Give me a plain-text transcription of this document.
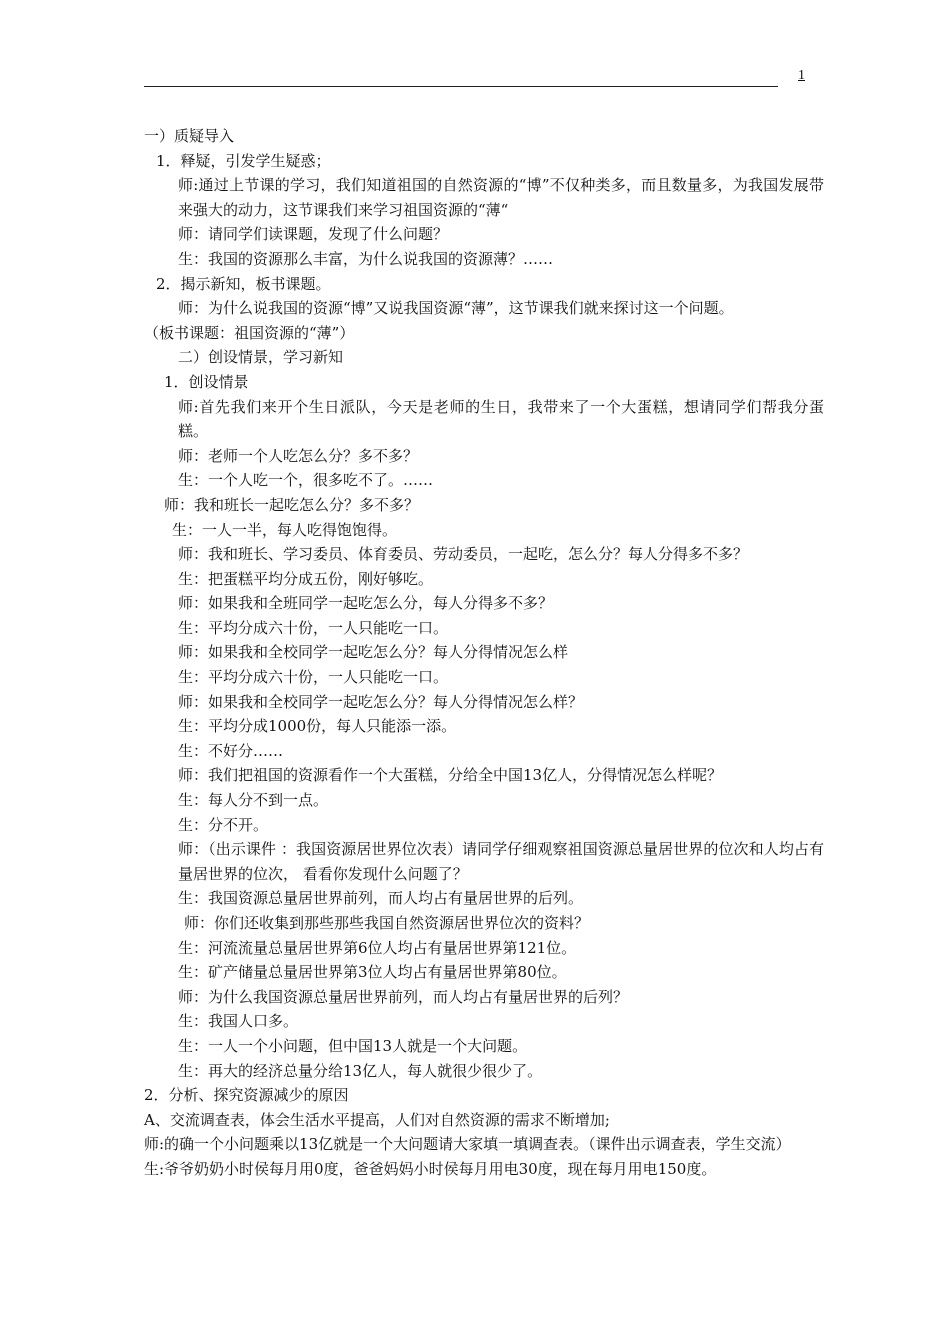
1
一）质疑导入
1．释疑，引发学生疑惑；
师:通过上节课的学习，我们知道祖国的自然资源的“博”不仅种类多，而且数量多，为我国发展带来强大的动力，这节课我们来学习祖国资源的“薄“
师：请同学们读课题，发现了什么问题？
生：我国的资源那么丰富，为什么说我国的资源薄？……
2．揭示新知，板书课题。
师：为什么说我国的资源“博”又说我国资源“薄”，这节课我们就来探讨这一个问题。
（板书课题：祖国资源的“薄”）
二）创设情景，学习新知
1．创设情景
师:首先我们来开个生日派队，今天是老师的生日，我带来了一个大蛋糕，想请同学们帮我分蛋糕。
师：老师一个人吃怎么分？多不多？
生：一个人吃一个，很多吃不了。……
师：我和班长一起吃怎么分？多不多？
生：一人一半，每人吃得饱饱得。
师：我和班长、学习委员、体育委员、劳动委员，一起吃，怎么分？每人分得多不多？
生：把蛋糕平均分成五份，刚好够吃。
师：如果我和全班同学一起吃怎么分，每人分得多不多？
生：平均分成六十份，一人只能吃一口。
师：如果我和全校同学一起吃怎么分？每人分得情况怎么样
生：平均分成六十份，一人只能吃一口。
师：如果我和全校同学一起吃怎么分？每人分得情况怎么样？
生：平均分成1000份，每人只能添一添。
生：不好分……
师：我们把祖国的资源看作一个大蛋糕，分给全中国13亿人，分得情况怎么样呢？
生：每人分不到一点。
生：分不开。
师：（出示课件 ：我国资源居世界位次表）请同学仔细观察祖国资源总量居世界的位次和人均占有量居世界的位次， 看看你发现什么问题了？
生：我国资源总量居世界前列，而人均占有量居世界的后列。
师：你们还收集到那些那些我国自然资源居世界位次的资料？
生：河流流量总量居世界第6位人均占有量居世界第121位。
生：矿产储量总量居世界第3位人均占有量居世界第80位。
师：为什么我国资源总量居世界前列，而人均占有量居世界的后列？
生：我国人口多。
生：一人一个小问题，但中国13人就是一个大问题。
生：再大的经济总量分给13亿人，每人就很少很少了。
2．分析、探究资源减少的原因
A、交流调查表，体会生活水平提高，人们对自然资源的需求不断增加;
师:的确一个小问题乘以13亿就是一个大问题请大家填一填调查表。（课件出示调查表，学生交流）
生:爷爷奶奶小时侯每月用0度，爸爸妈妈小时侯每月用电30度，现在每月用电150度。
